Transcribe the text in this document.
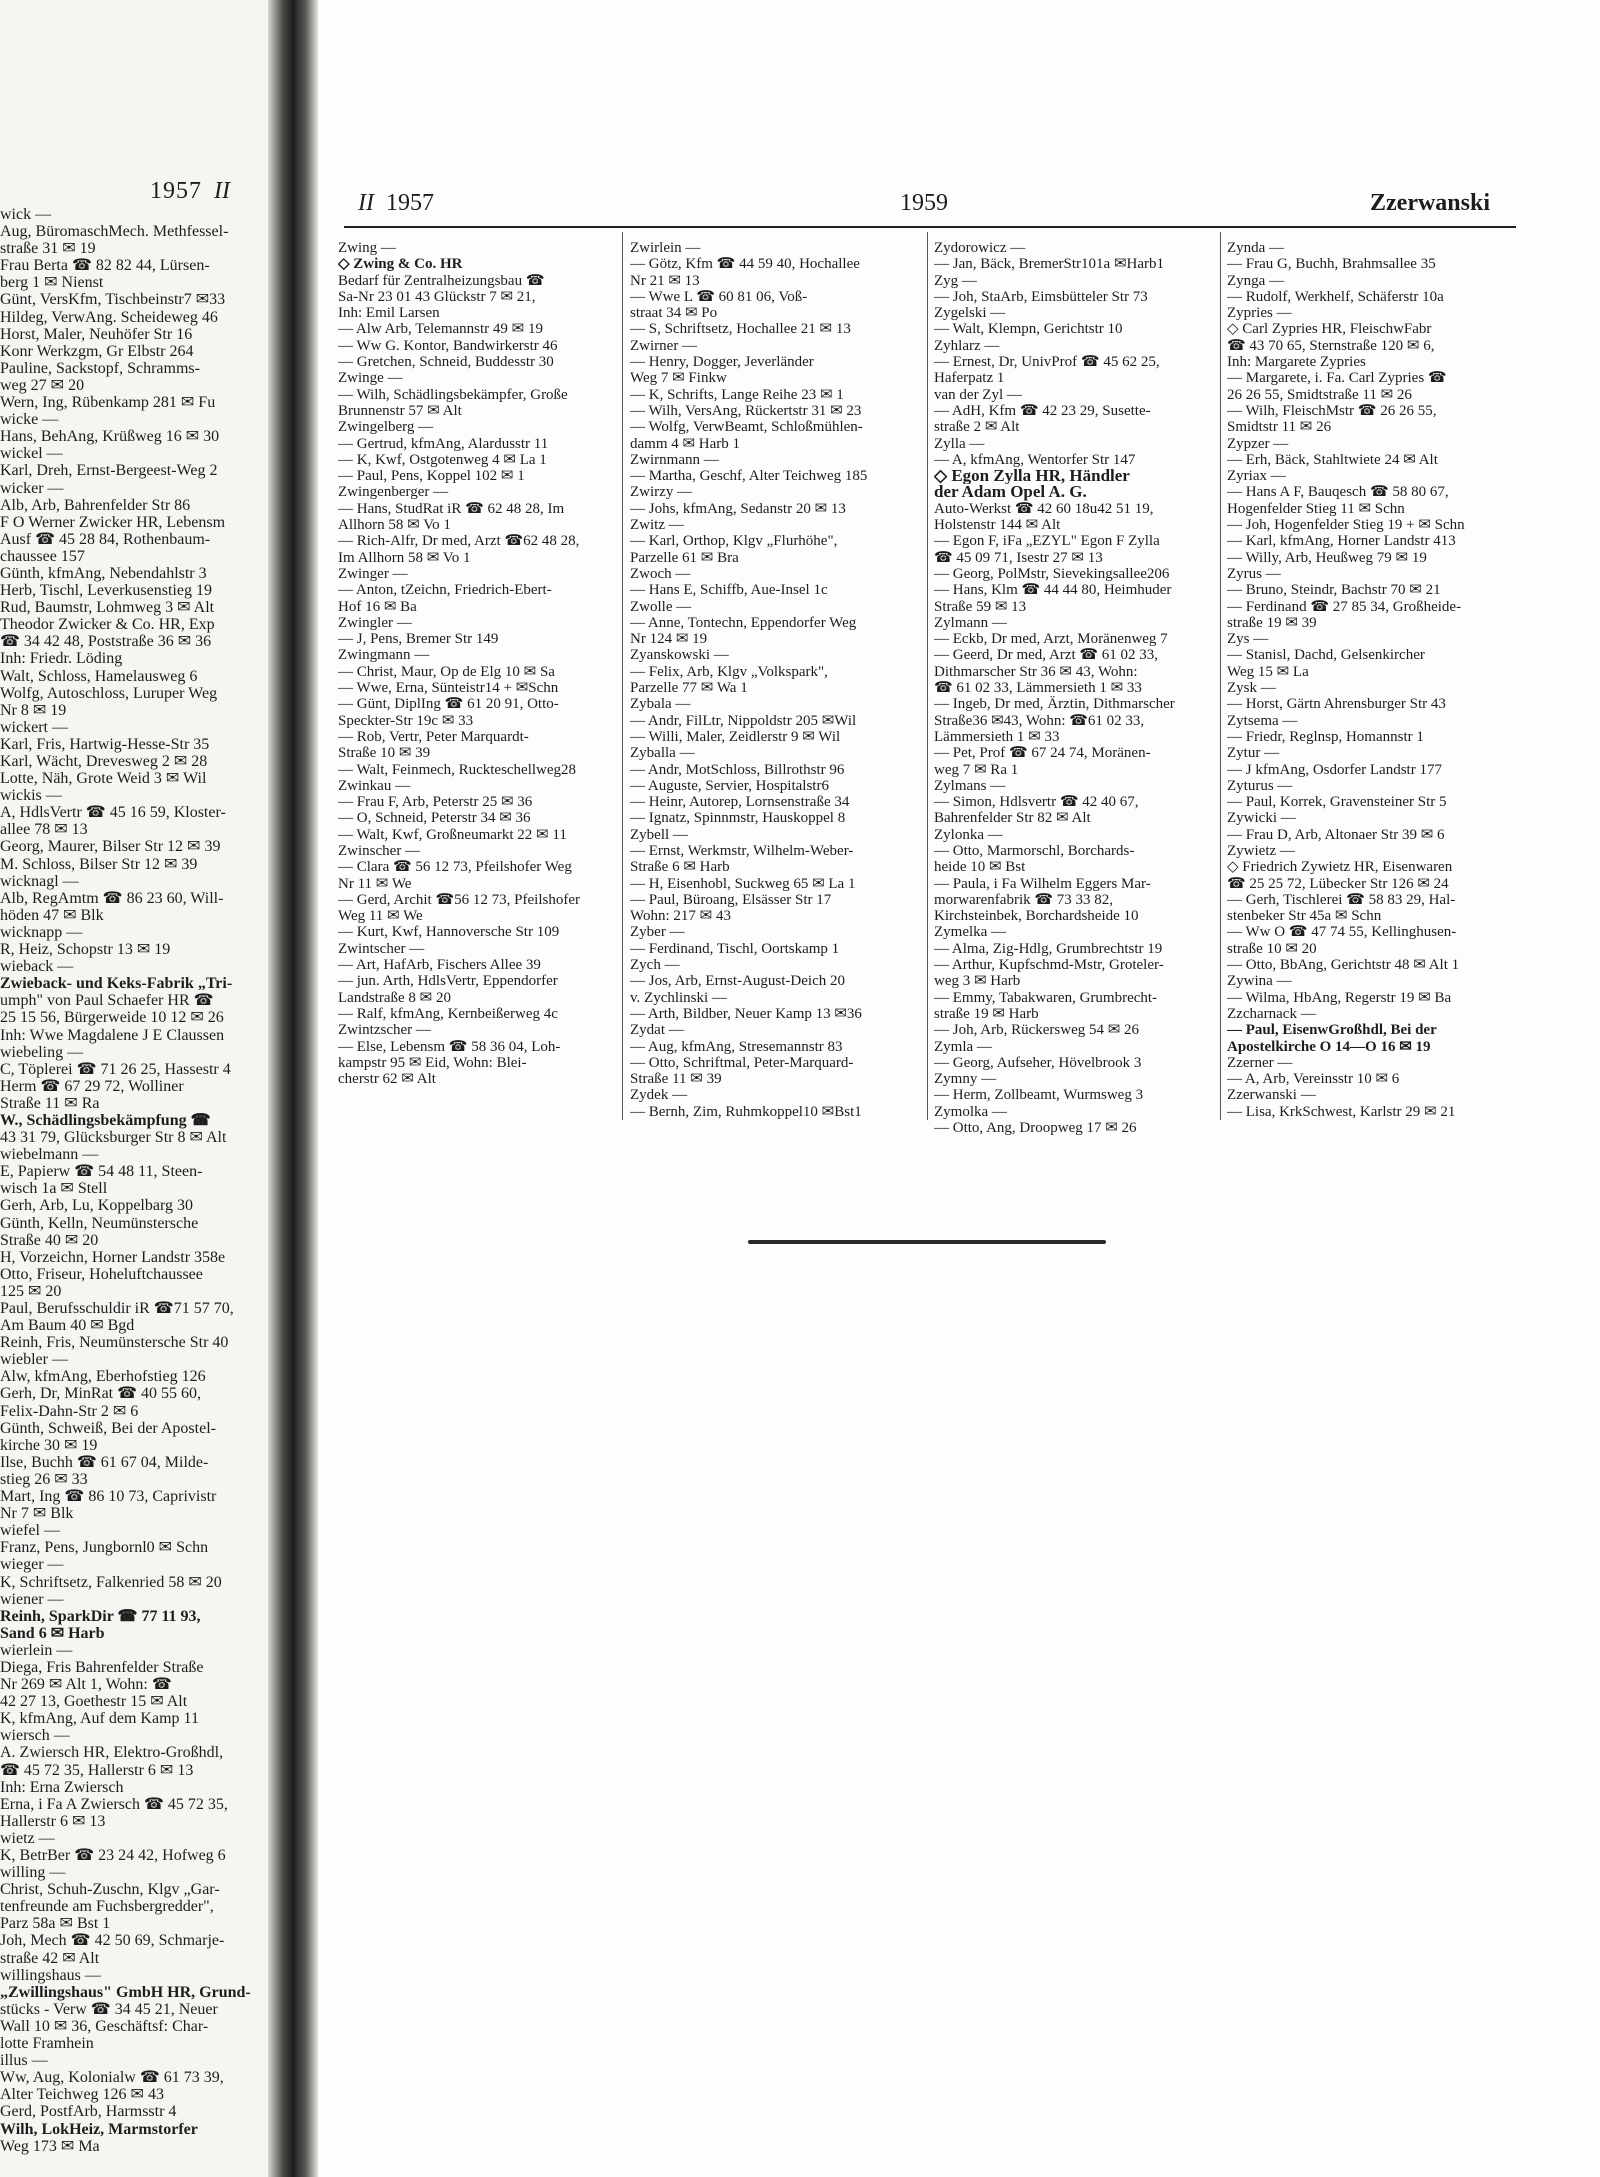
1957 II
wick —
Aug, BüromaschMech. Methfessel-
straße 31 ✉ 19
Frau Berta ☎ 82 82 44, Lürsen-
berg 1 ✉ Nienst
Günt, VersKfm, Tischbeinstr7 ✉33
Hildeg, VerwAng. Scheideweg 46
Horst, Maler, Neuhöfer Str 16
Konr Werkzgm, Gr Elbstr 264
Pauline, Sackstopf, Schramms-
weg 27 ✉ 20
Wern, Ing, Rübenkamp 281 ✉ Fu
wicke —
Hans, BehAng, Krüßweg 16 ✉ 30
wickel —
Karl, Dreh, Ernst-Bergeest-Weg 2
wicker —
Alb, Arb, Bahrenfelder Str 86
F O Werner Zwicker HR, Lebensm
Ausf ☎ 45 28 84, Rothenbaum-
chaussee 157
Günth, kfmAng, Nebendahlstr 3
Herb, Tischl, Leverkusenstieg 19
Rud, Baumstr, Lohmweg 3 ✉ Alt
Theodor Zwicker & Co. HR, Exp
☎ 34 42 48, Poststraße 36 ✉ 36
Inh: Friedr. Löding
Walt, Schloss, Hamelausweg 6
Wolfg, Autoschloss, Luruper Weg
Nr 8 ✉ 19
wickert —
Karl, Fris, Hartwig-Hesse-Str 35
Karl, Wächt, Drevesweg 2 ✉ 28
Lotte, Näh, Grote Weid 3 ✉ Wil
wickis —
A, HdlsVertr ☎ 45 16 59, Kloster-
allee 78 ✉ 13
Georg, Maurer, Bilser Str 12 ✉ 39
M. Schloss, Bilser Str 12 ✉ 39
wicknagl —
Alb, RegAmtm ☎ 86 23 60, Will-
höden 47 ✉ Blk
wicknapp —
R, Heiz, Schopstr 13 ✉ 19
wieback —
Zwieback- und Keks-Fabrik „Tri-
umph" von Paul Schaefer HR ☎
25 15 56, Bürgerweide 10 12 ✉ 26
Inh: Wwe Magdalene J E Claussen
wiebeling —
C, Töplerei ☎ 71 26 25, Hassestr 4
Herm ☎ 67 29 72, Wolliner
Straße 11 ✉ Ra
W., Schädlingsbekämpfung ☎
43 31 79, Glücksburger Str 8 ✉ Alt
wiebelmann —
E, Papierw ☎ 54 48 11, Steen-
wisch 1a ✉ Stell
Gerh, Arb, Lu, Koppelbarg 30
Günth, Kelln, Neumünstersche
Straße 40 ✉ 20
H, Vorzeichn, Horner Landstr 358e
Otto, Friseur, Hoheluftchaussee
125 ✉ 20
Paul, Berufsschuldir iR ☎71 57 70,
Am Baum 40 ✉ Bgd
Reinh, Fris, Neumünstersche Str 40
wiebler —
Alw, kfmAng, Eberhofstieg 126
Gerh, Dr, MinRat ☎ 40 55 60,
Felix-Dahn-Str 2 ✉ 6
Günth, Schweiß, Bei der Apostel-
kirche 30 ✉ 19
Ilse, Buchh ☎ 61 67 04, Milde-
stieg 26 ✉ 33
Mart, Ing ☎ 86 10 73, Caprivistr
Nr 7 ✉ Blk
wiefel —
Franz, Pens, Jungbornl0 ✉ Schn
wieger —
K, Schriftsetz, Falkenried 58 ✉ 20
wiener —
Reinh, SparkDir ☎ 77 11 93,
Sand 6 ✉ Harb
wierlein —
Diega, Fris Bahrenfelder Straße
Nr 269 ✉ Alt 1, Wohn: ☎
42 27 13, Goethestr 15 ✉ Alt
K, kfmAng, Auf dem Kamp 11
wiersch —
A. Zwiersch HR, Elektro-Großhdl,
☎ 45 72 35, Hallerstr 6 ✉ 13
Inh: Erna Zwiersch
Erna, i Fa A Zwiersch ☎ 45 72 35,
Hallerstr 6 ✉ 13
wietz —
K, BetrBer ☎ 23 24 42, Hofweg 6
willing —
Christ, Schuh-Zuschn, Klgv „Gar-
tenfreunde am Fuchsbergredder",
Parz 58a ✉ Bst 1
Joh, Mech ☎ 42 50 69, Schmarje-
straße 42 ✉ Alt
willingshaus —
„Zwillingshaus" GmbH HR, Grund-
stücks - Verw ☎ 34 45 21, Neuer
Wall 10 ✉ 36, Geschäftsf: Char-
lotte Framhein
illus —
Ww, Aug, Kolonialw ☎ 61 73 39,
Alter Teichweg 126 ✉ 43
Gerd, PostfArb, Harmsstr 4
Wilh, LokHeiz, Marmstorfer
Weg 173 ✉ Ma
II 1957	1959	Zzerwanski
Zwing —
◇ Zwing & Co. HR
Bedarf für Zentralheizungsbau ☎
Sa-Nr 23 01 43 Glückstr 7 ✉ 21,
Inh: Emil Larsen
— Alw Arb, Telemannstr 49 ✉ 19
— Ww G. Kontor, Bandwirkerstr 46
— Gretchen, Schneid, Buddesstr 30
Zwinge —
— Wilh, Schädlingsbekämpfer, Große
Brunnenstr 57 ✉ Alt
Zwingelberg —
— Gertrud, kfmAng, Alardusstr 11
— K, Kwf, Ostgotenweg 4 ✉ La 1
— Paul, Pens, Koppel 102 ✉ 1
Zwingenberger —
— Hans, StudRat iR ☎ 62 48 28, Im
Allhorn 58 ✉ Vo 1
— Rich-Alfr, Dr med, Arzt ☎62 48 28,
Im Allhorn 58 ✉ Vo 1
Zwinger —
— Anton, tZeichn, Friedrich-Ebert-
Hof 16 ✉ Ba
Zwingler —
— J, Pens, Bremer Str 149
Zwingmann —
— Christ, Maur, Op de Elg 10 ✉ Sa
— Wwe, Erna, Sünteistr14 + ✉Schn
— Günt, DiplIng ☎ 61 20 91, Otto-
Speckter-Str 19c ✉ 33
— Rob, Vertr, Peter Marquardt-
Straße 10 ✉ 39
— Walt, Feinmech, Ruckteschellweg28
Zwinkau —
— Frau F, Arb, Peterstr 25 ✉ 36
— O, Schneid, Peterstr 34 ✉ 36
— Walt, Kwf, Großneumarkt 22 ✉ 11
Zwinscher —
— Clara ☎ 56 12 73, Pfeilshofer Weg
Nr 11 ✉ We
— Gerd, Archit ☎56 12 73, Pfeilshofer
Weg 11 ✉ We
— Kurt, Kwf, Hannoversche Str 109
Zwintscher —
— Art, HafArb, Fischers Allee 39
— jun. Arth, HdlsVertr, Eppendorfer
Landstraße 8 ✉ 20
— Ralf, kfmAng, Kernbeißerweg 4c
Zwintzscher —
— Else, Lebensm ☎ 58 36 04, Loh-
kampstr 95 ✉ Eid, Wohn: Blei-
cherstr 62 ✉ Alt
Zwirlein —
— Götz, Kfm ☎ 44 59 40, Hochallee
Nr 21 ✉ 13
— Wwe L ☎ 60 81 06, Voß-
straat 34 ✉ Po
— S, Schriftsetz, Hochallee 21 ✉ 13
Zwirner —
— Henry, Dogger, Jeverländer
Weg 7 ✉ Finkw
— K, Schrifts, Lange Reihe 23 ✉ 1
— Wilh, VersAng, Rückertstr 31 ✉ 23
— Wolfg, VerwBeamt, Schloßmühlen-
damm 4 ✉ Harb 1
Zwirnmann —
— Martha, Geschf, Alter Teichweg 185
Zwirzy —
— Johs, kfmAng, Sedanstr 20 ✉ 13
Zwitz —
— Karl, Orthop, Klgv „Flurhöhe",
Parzelle 61 ✉ Bra
Zwoch —
— Hans E, Schiffb, Aue-Insel 1c
Zwolle —
— Anne, Tontechn, Eppendorfer Weg
Nr 124 ✉ 19
Zyanskowski —
— Felix, Arb, Klgv „Volkspark",
Parzelle 77 ✉ Wa 1
Zybala —
— Andr, FilLtr, Nippoldstr 205 ✉Wil
— Willi, Maler, Zeidlerstr 9 ✉ Wil
Zyballa —
— Andr, MotSchloss, Billrothstr 96
— Auguste, Servier, Hospitalstr6
— Heinr, Autorep, Lornsenstraße 34
— Ignatz, Spinnmstr, Hauskoppel 8
Zybell —
— Ernst, Werkmstr, Wilhelm-Weber-
Straße 6 ✉ Harb
— H, Eisenhobl, Suckweg 65 ✉ La 1
— Paul, Büroang, Elsässer Str 17
Wohn: 217 ✉ 43
Zyber —
— Ferdinand, Tischl, Oortskamp 1
Zych —
— Jos, Arb, Ernst-August-Deich 20
v. Zychlinski —
— Arth, Bildber, Neuer Kamp 13 ✉36
Zydat —
— Aug, kfmAng, Stresemannstr 83
— Otto, Schriftmal, Peter-Marquard-
Straße 11 ✉ 39
Zydek —
— Bernh, Zim, Ruhmkoppel10 ✉Bst1
Zydorowicz —
— Jan, Bäck, BremerStr101a ✉Harb1
Zyg —
— Joh, StaArb, Eimsbütteler Str 73
Zygelski —
— Walt, Klempn, Gerichtstr 10
Zyhlarz —
— Ernest, Dr, UnivProf ☎ 45 62 25,
Haferpatz 1
van der Zyl —
— AdH, Kfm ☎ 42 23 29, Susette-
straße 2 ✉ Alt
Zylla —
— A, kfmAng, Wentorfer Str 147
◇ Egon Zylla HR, Händler
der Adam Opel A. G.
Auto-Werkst ☎ 42 60 18u42 51 19,
Holstenstr 144 ✉ Alt
— Egon F, iFa „EZYL" Egon F Zylla
☎ 45 09 71, Isestr 27 ✉ 13
— Georg, PolMstr, Sievekingsallee206
— Hans, Klm ☎ 44 44 80, Heimhuder
Straße 59 ✉ 13
Zylmann —
— Eckb, Dr med, Arzt, Moränenweg 7
— Geerd, Dr med, Arzt ☎ 61 02 33,
Dithmarscher Str 36 ✉ 43, Wohn:
☎ 61 02 33, Lämmersieth 1 ✉ 33
— Ingeb, Dr med, Ärztin, Dithmarscher
Straße36 ✉43, Wohn: ☎61 02 33,
Lämmersieth 1 ✉ 33
— Pet, Prof ☎ 67 24 74, Moränen-
weg 7 ✉ Ra 1
Zylmans —
— Simon, Hdlsvertr ☎ 42 40 67,
Bahrenfelder Str 82 ✉ Alt
Zylonka —
— Otto, Marmorschl, Borchards-
heide 10 ✉ Bst
— Paula, i Fa Wilhelm Eggers Mar-
morwarenfabrik ☎ 73 33 82,
Kirchsteinbek, Borchardsheide 10
Zymelka —
— Alma, Zig-Hdlg, Grumbrechtstr 19
— Arthur, Kupfschmd-Mstr, Groteler-
weg 3 ✉ Harb
— Emmy, Tabakwaren, Grumbrecht-
straße 19 ✉ Harb
— Joh, Arb, Rückersweg 54 ✉ 26
Zymla —
— Georg, Aufseher, Hövelbrook 3
Zymny —
— Herm, Zollbeamt, Wurmsweg 3
Zymolka —
— Otto, Ang, Droopweg 17 ✉ 26
Zynda —
— Frau G, Buchh, Brahmsallee 35
Zynga —
— Rudolf, Werkhelf, Schäferstr 10a
Zypries —
◇ Carl Zypries HR, FleischwFabr
☎ 43 70 65, Sternstraße 120 ✉ 6,
Inh: Margarete Zypries
— Margarete, i. Fa. Carl Zypries ☎
26 26 55, Smidtstraße 11 ✉ 26
— Wilh, FleischMstr ☎ 26 26 55,
Smidtstr 11 ✉ 26
Zypzer —
— Erh, Bäck, Stahltwiete 24 ✉ Alt
Zyriax —
— Hans A F, Bauqesch ☎ 58 80 67,
Hogenfelder Stieg 11 ✉ Schn
— Joh, Hogenfelder Stieg 19 + ✉ Schn
— Karl, kfmAng, Horner Landstr 413
— Willy, Arb, Heußweg 79 ✉ 19
Zyrus —
— Bruno, Steindr, Bachstr 70 ✉ 21
— Ferdinand ☎ 27 85 34, Großheide-
straße 19 ✉ 39
Zys —
— Stanisl, Dachd, Gelsenkircher
Weg 15 ✉ La
Zysk —
— Horst, Gärtn Ahrensburger Str 43
Zytsema —
— Friedr, Reglnsp, Homannstr 1
Zytur —
— J kfmAng, Osdorfer Landstr 177
Zyturus —
— Paul, Korrek, Gravensteiner Str 5
Zywicki —
— Frau D, Arb, Altonaer Str 39 ✉ 6
Zywietz —
◇ Friedrich Zywietz HR, Eisenwaren
☎ 25 25 72, Lübecker Str 126 ✉ 24
— Gerh, Tischlerei ☎ 58 83 29, Hal-
stenbeker Str 45a ✉ Schn
— Ww O ☎ 47 74 55, Kellinghusen-
straße 10 ✉ 20
— Otto, BbAng, Gerichtstr 48 ✉ Alt 1
Zywina —
— Wilma, HbAng, Regerstr 19 ✉ Ba
Zzcharnack —
— Paul, EisenwGroßhdl, Bei der
Apostelkirche O 14—O 16 ✉ 19
Zzerner —
— A, Arb, Vereinsstr 10 ✉ 6
Zzerwanski —
— Lisa, KrkSchwest, Karlstr 29 ✉ 21
